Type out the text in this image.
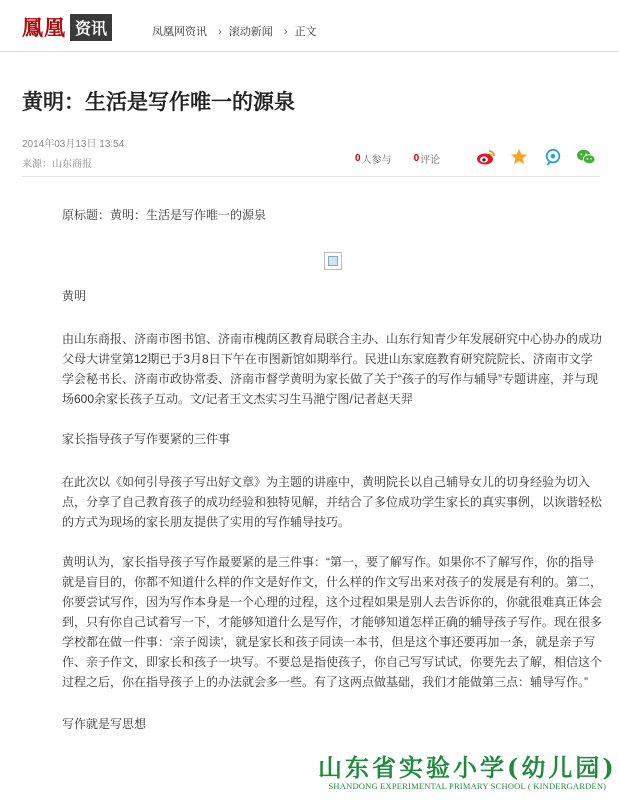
鳳凰 资讯	凤凰网资讯 › 滚动新闻 › 正文
黄明：生活是写作唯一的源泉
2014年03月13日 13:54
来源：山东商报
0 人参与 0 评论

原标题：黄明：生活是写作唯一的源泉

黄明

由山东商报、济南市图书馆、济南市槐荫区教育局联合主办、山东行知青少年发展研究中心协办的成功父母大讲堂第12期已于3月8日下午在市图新馆如期举行。民进山东家庭教育研究院院长、济南市文学学会秘书长、济南市政协常委、济南市督学黄明为家长做了关于“孩子的写作与辅导”专题讲座，并与现场600余家长孩子互动。文/记者王文杰实习生马滟宁图/记者赵天羿

家长指导孩子写作要紧的三件事

在此次以《如何引导孩子写出好文章》为主题的讲座中，黄明院长以自己辅导女儿的切身经验为切入点，分享了自己教育孩子的成功经验和独特见解，并结合了多位成功学生家长的真实事例，以诙谐轻松的方式为现场的家长朋友提供了实用的写作辅导技巧。

黄明认为，家长指导孩子写作最要紧的是三件事：“第一，要了解写作。如果你不了解写作，你的指导就是盲目的，你都不知道什么样的作文是好作文，什么样的作文写出来对孩子的发展是有利的。第二，你要尝试写作，因为写作本身是一个心理的过程，这个过程如果是别人去告诉你的，你就很难真正体会到，只有你自己试着写一下，才能够知道什么是写作，才能够知道怎样正确的辅导孩子写作。现在很多学校都在做一件事：‘亲子阅读’，就是家长和孩子同读一本书，但是这个事还要再加一条，就是亲子写作、亲子作文，即家长和孩子一块写。不要总是指使孩子，你自己写写试试，你要先去了解，相信这个过程之后，你在指导孩子上的办法就会多一些。有了这两点做基础，我们才能做第三点：辅导写作。”

写作就是写思想

山东省实验小学(幼儿园)
SHANDONG EXPERIMENTAL PRIMARY SCHOOL ( KINDERGARDEN)
